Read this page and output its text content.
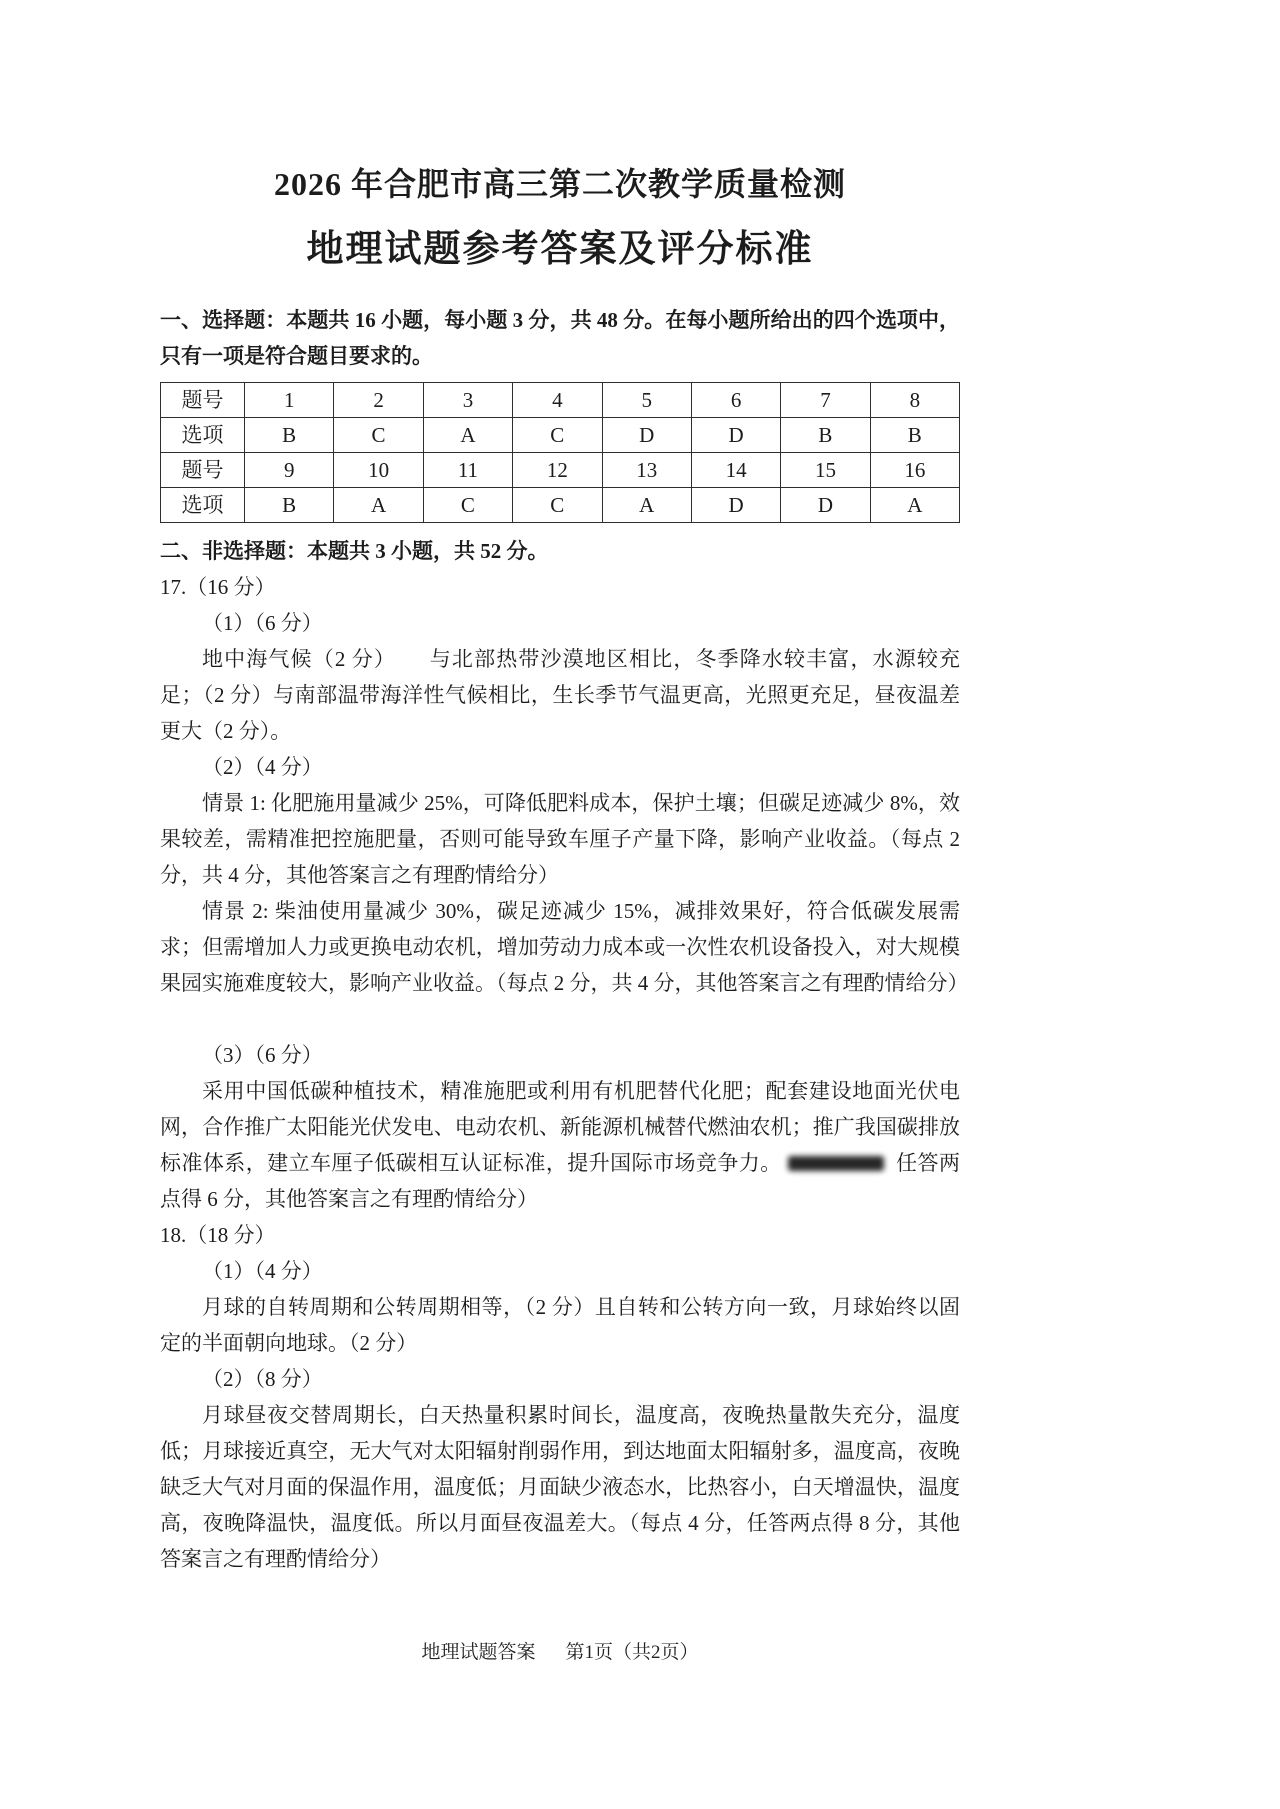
2026 年合肥市高三第二次教学质量检测
地理试题参考答案及评分标准

一、选择题：本题共 16 小题，每小题 3 分，共 48 分。在每小题所给出的四个选项中，只有一项是符合题目要求的。

题号	1	2	3	4	5	6	7	8
选项	B	C	A	C	D	D	B	B
题号	9	10	11	12	13	14	15	16
选项	B	A	C	C	A	D	D	A

二、非选择题：本题共 3 小题，共 52 分。

17.（16 分）

（1）（6 分）

地中海气候（2 分）　　与北部热带沙漠地区相比，冬季降水较丰富，水源较充足；（2 分）与南部温带海洋性气候相比，生长季节气温更高，光照更充足，昼夜温差更大（2 分）。

（2）（4 分）

情景 1: 化肥施用量减少 25%，可降低肥料成本，保护土壤；但碳足迹减少 8%，效果较差，需精准把控施肥量，否则可能导致车厘子产量下降，影响产业收益。（每点 2 分，共 4 分，其他答案言之有理酌情给分）

情景 2: 柴油使用量减少 30%，碳足迹减少 15%，减排效果好，符合低碳发展需求；但需增加人力或更换电动农机，增加劳动力成本或一次性农机设备投入，对大规模果园实施难度较大，影响产业收益。（每点 2 分，共 4 分，其他答案言之有理酌情给分）

（3）（6 分）

采用中国低碳种植技术，精准施肥或利用有机肥替代化肥；配套建设地面光伏电网，合作推广太阳能光伏发电、电动农机、新能源机械替代燃油农机；推广我国碳排放标准体系，建立车厘子低碳相互认证标准，提升国际市场竞争力。	任答两点得 6 分，其他答案言之有理酌情给分）

18.（18 分）

（1）（4 分）

月球的自转周期和公转周期相等，（2 分）且自转和公转方向一致，月球始终以固定的半面朝向地球。（2 分）

（2）（8 分）

月球昼夜交替周期长，白天热量积累时间长，温度高，夜晚热量散失充分，温度低；月球接近真空，无大气对太阳辐射削弱作用，到达地面太阳辐射多，温度高，夜晚缺乏大气对月面的保温作用，温度低；月面缺少液态水，比热容小，白天增温快，温度高，夜晚降温快，温度低。所以月面昼夜温差大。（每点 4 分，任答两点得 8 分，其他答案言之有理酌情给分）

地理试题答案 第1页（共2页）
